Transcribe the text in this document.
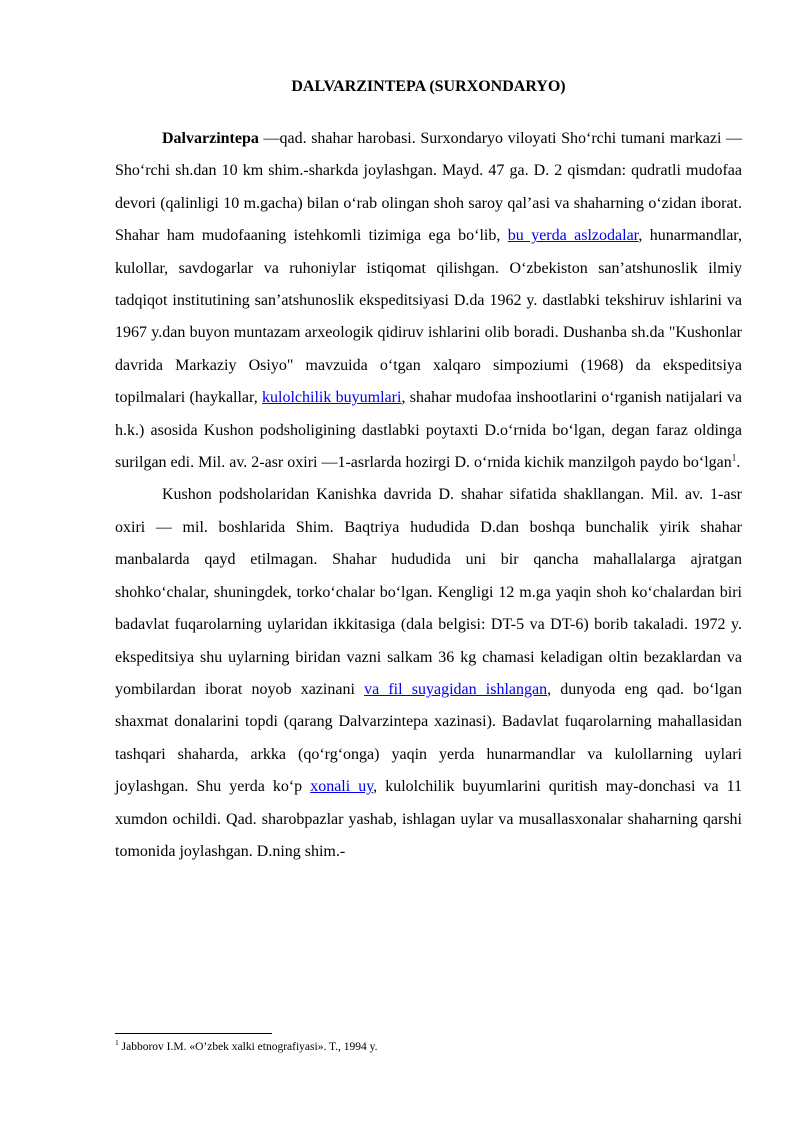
DALVARZINTEPA (SURXONDARYO)

Dalvarzintepa —qad. shahar harobasi. Surxondaryo viloyati Sho‘rchi tumani markazi — Sho‘rchi sh.dan 10 km shim.-sharkda joylashgan. Mayd. 47 ga. D. 2 qismdan: qudratli mudofaa devori (qalinligi 10 m.gacha) bilan o‘rab olingan shoh saroy qal’asi va shaharning o‘zidan iborat. Shahar ham mudofaaning istehkomli tizimiga ega bo‘lib, bu yerda aslzodalar, hunarmandlar, kulollar, savdogarlar va ruhoniylar istiqomat qilishgan. O‘zbekiston san’atshunoslik ilmiy tadqiqot institutining san’atshunoslik ekspeditsiyasi D.da 1962 y. dastlabki tekshiruv ishlarini va 1967 y.dan buyon muntazam arxeologik qidiruv ishlarini olib boradi. Dushanba sh.da "Kushonlar davrida Markaziy Osiyo" mavzuida o‘tgan xalqaro simpoziumi (1968) da ekspeditsiya topilmalari (haykallar, kulolchilik buyumlari, shahar mudofaa inshootlarini o‘rganish natijalari va h.k.) asosida Kushon podsholigining dastlabki poytaxti D.o‘rnida bo‘lgan, degan faraz oldinga surilgan edi. Mil. av. 2-asr oxiri —1-asrlarda hozirgi D. o‘rnida kichik manzilgoh paydo bo‘lgan$^1$.

Kushon podsholaridan Kanishka davrida D. shahar sifatida shakllangan. Mil. av. 1-asr oxiri — mil. boshlarida Shim. Baqtriya hududida D.dan boshqa bunchalik yirik shahar manbalarda qayd etilmagan. Shahar hududida uni bir qancha mahallalarga ajratgan shohko‘chalar, shuningdek, torko‘chalar bo‘lgan. Kengligi 12 m.ga yaqin shoh ko‘chalardan biri badavlat fuqarolarning uylaridan ikkitasiga (dala belgisi: DT-5 va DT-6) borib takaladi. 1972 y. ekspeditsiya shu uylarning biridan vazni salkam 36 kg chamasi keladigan oltin bezaklardan va yombilardan iborat noyob xazinani va fil suyagidan ishlangan, dunyoda eng qad. bo‘lgan shaxmat donalarini topdi (qarang Dalvarzintepa xazinasi). Badavlat fuqarolarning mahallasidan tashqari shaharda, arkka (qo‘rg‘onga) yaqin yerda hunarmandlar va kulollarning uylari joylashgan. Shu yerda ko‘p xonali uy, kulolchilik buyumlarini quritish may-donchasi va 11 xumdon ochildi. Qad. sharobpazlar yashab, ishlagan uylar va musallasxonalar shaharning qarshi tomonida joylashgan. D.ning shim.-

$^1$ Jabborov I.M. «O’zbek xalki etnografiyasi». T., 1994 y.
